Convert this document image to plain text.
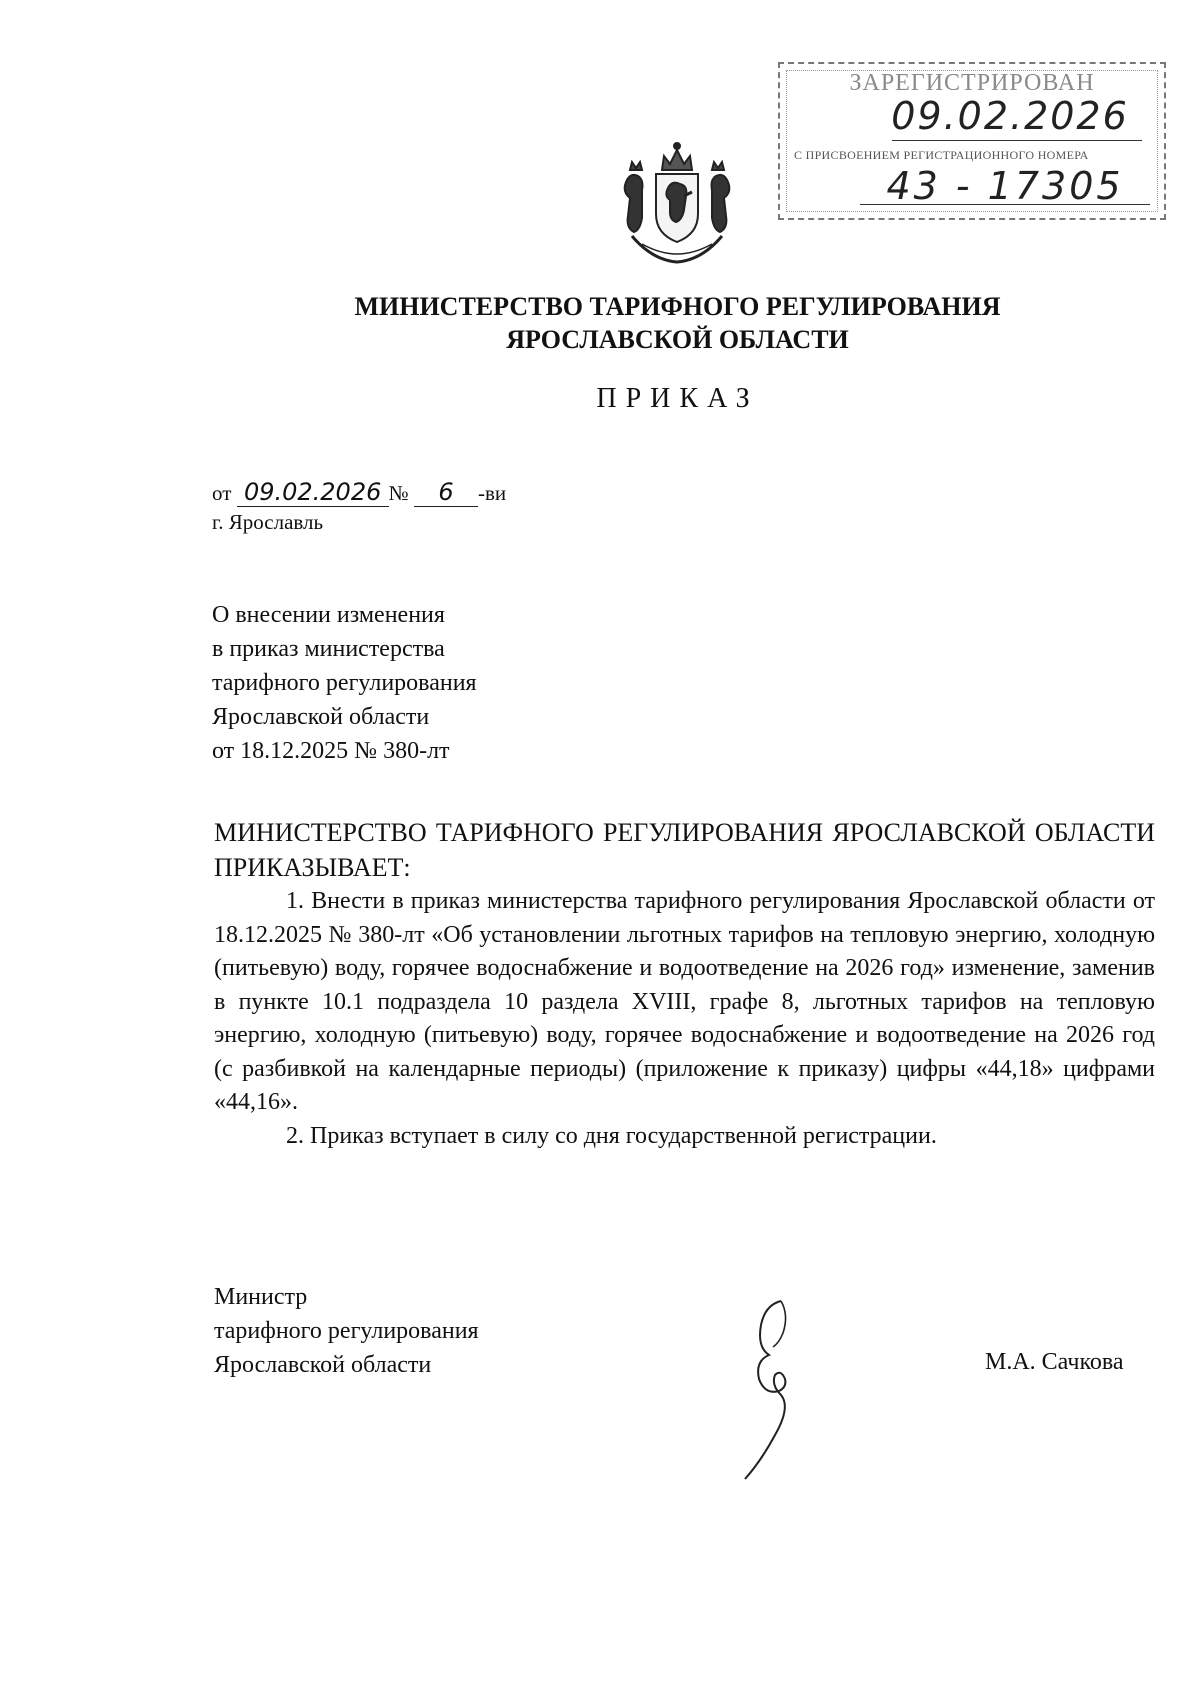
ЗАРЕГИСТРИРОВАН
09.02.2026
С ПРИСВОЕНИЕМ РЕГИСТРАЦИОННОГО НОМЕРА
43 - 17305
МИНИСТЕРСТВО ТАРИФНОГО РЕГУЛИРОВАНИЯ
ЯРОСЛАВСКОЙ ОБЛАСТИ
ПРИКАЗ
от 09.02.2026 № 6 -ви
г. Ярославль
О внесении изменения
в приказ министерства
тарифного регулирования
Ярославской области
от 18.12.2025 № 380-лт

МИНИСТЕРСТВО ТАРИФНОГО РЕГУЛИРОВАНИЯ ЯРОСЛАВСКОЙ ОБЛАСТИ ПРИКАЗЫВАЕТ:

1. Внести в приказ министерства тарифного регулирования Ярославской области от 18.12.2025 № 380-лт «Об установлении льготных тарифов на тепловую энергию, холодную (питьевую) воду, горячее водоснабжение и водоотведение на 2026 год» изменение, заменив в пункте 10.1 подраздела 10 раздела XVIII, графе 8, льготных тарифов на тепловую энергию, холодную (питьевую) воду, горячее водоснабжение и водоотведение на 2026 год (с разбивкой на календарные периоды) (приложение к приказу) цифры «44,18» цифрами «44,16».

2. Приказ вступает в силу со дня государственной регистрации.

Министр
тарифного регулирования
Ярославской области	М.А. Сачкова
